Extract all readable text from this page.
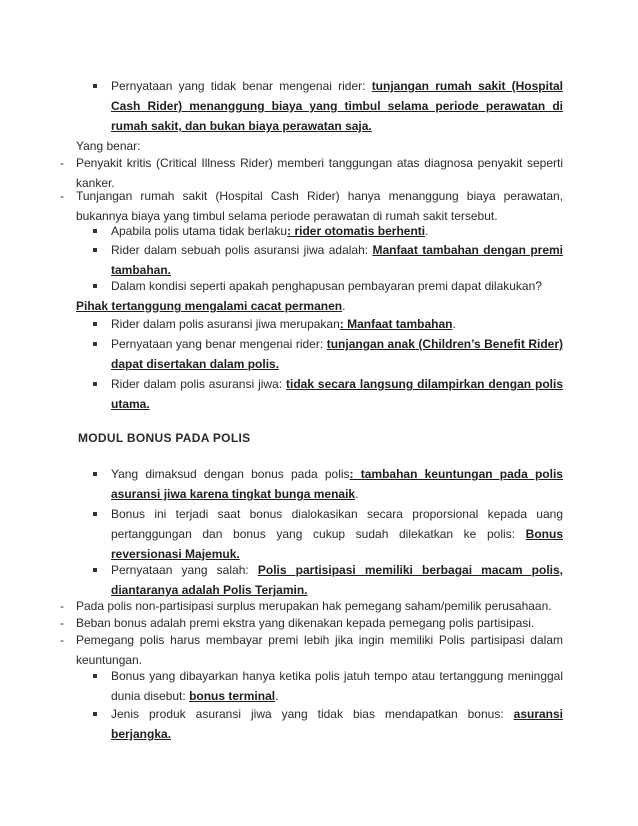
Pernyataan yang tidak benar mengenai rider: tunjangan rumah sakit (Hospital Cash Rider) menanggung biaya yang timbul selama periode perawatan di rumah sakit, dan bukan biaya perawatan saja.
Yang benar:
- Penyakit kritis (Critical Illness Rider) memberi tanggungan atas diagnosa penyakit seperti kanker.
- Tunjangan rumah sakit (Hospital Cash Rider) hanya menanggung biaya perawatan, bukannya biaya yang timbul selama periode perawatan di rumah sakit tersebut.
Apabila polis utama tidak berlaku: rider otomatis berhenti.
Rider dalam sebuah polis asuransi jiwa adalah: Manfaat tambahan dengan premi tambahan.
Dalam kondisi seperti apakah penghapusan pembayaran premi dapat dilakukan?
Pihak tertanggung mengalami cacat permanen.
Rider dalam polis asuransi jiwa merupakan: Manfaat tambahan.
Pernyataan yang benar mengenai rider: tunjangan anak (Children’s Benefit Rider) dapat disertakan dalam polis.
Rider dalam polis asuransi jiwa: tidak secara langsung dilampirkan dengan polis utama.
MODUL BONUS PADA POLIS
Yang dimaksud dengan bonus pada polis: tambahan keuntungan pada polis asuransi jiwa karena tingkat bunga menaik.
Bonus ini terjadi saat bonus dialokasikan secara proporsional kepada uang pertanggungan dan bonus yang cukup sudah dilekatkan ke polis: Bonus reversionasi Majemuk.
Pernyataan yang salah: Polis partisipasi memiliki berbagai macam polis, diantaranya adalah Polis Terjamin.
- Pada polis non-partisipasi surplus merupakan hak pemegang saham/pemilik perusahaan.
- Beban bonus adalah premi ekstra yang dikenakan kepada pemegang polis partisipasi.
- Pemegang polis harus membayar premi lebih jika ingin memiliki Polis partisipasi dalam keuntungan.
Bonus yang dibayarkan hanya ketika polis jatuh tempo atau tertanggung meninggal dunia disebut: bonus terminal.
Jenis produk asuransi jiwa yang tidak bias mendapatkan bonus: asuransi berjangka.
